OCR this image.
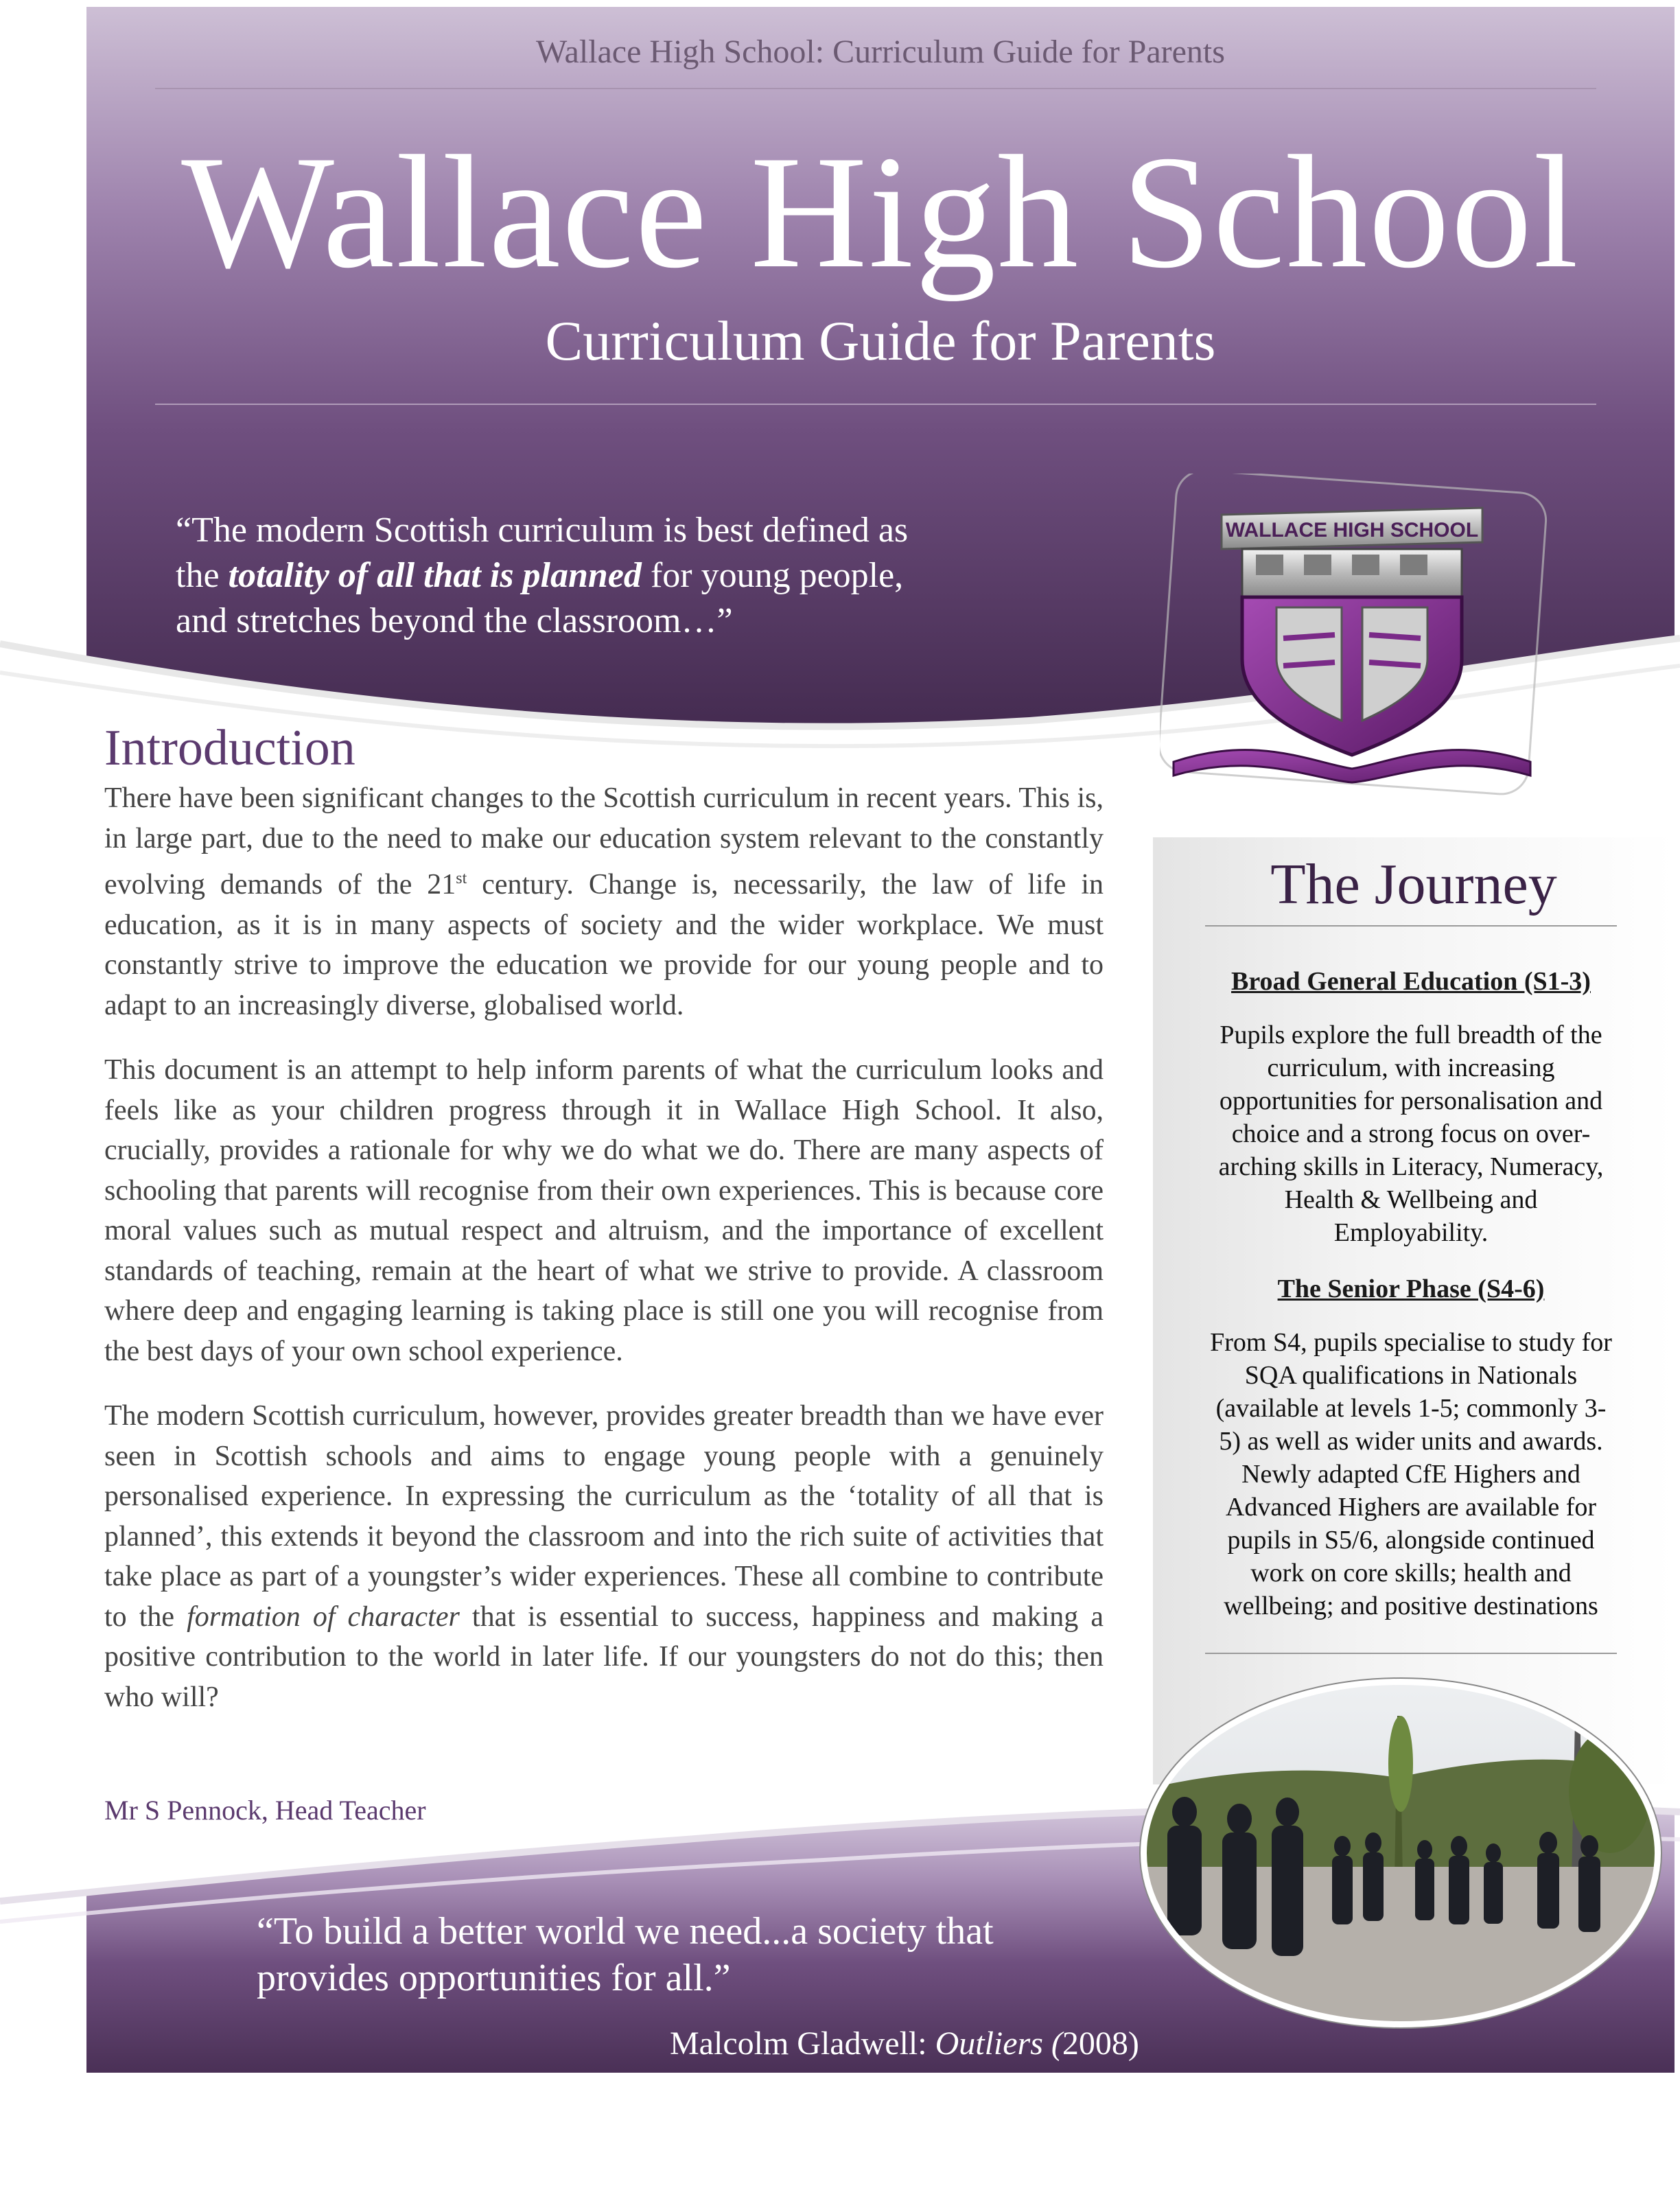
Wallace High School: Curriculum Guide for Parents
Wallace High School
Curriculum Guide for Parents
“The modern Scottish curriculum is best defined as
the totality of all that is planned for young people,
and stretches beyond the classroom…”
WALLACE HIGH SCHOOL
The Journey
Broad General Education (S1-3)
Pupils explore the full breadth of the curriculum, with increasing opportunities for personalisation and choice and a strong focus on over-arching skills in Literacy, Numeracy, Health & Wellbeing and Employability.
The Senior Phase (S4-6)
From S4, pupils specialise to study for SQA qualifications in Nationals (available at levels 1-5; commonly 3-5) as well as wider units and awards. Newly adapted CfE Highers and Advanced Highers are available for pupils in S5/6, alongside continued work on core skills; health and wellbeing; and positive destinations
Introduction

There have been significant changes to the Scottish curriculum in recent years. This is, in large part, due to the need to make our education system relevant to the constantly evolving demands of the 21st century. Change is, necessarily, the law of life in education, as it is in many aspects of society and the wider workplace. We must constantly strive to improve the education we provide for our young people and to adapt to an increasingly diverse, globalised world.

This document is an attempt to help inform parents of what the curriculum looks and feels like as your children progress through it in Wallace High School. It also, crucially, provides a rationale for why we do what we do. There are many aspects of schooling that parents will recognise from their own experiences. This is because core moral values such as mutual respect and altruism, and the importance of excellent standards of teaching, remain at the heart of what we strive to provide. A classroom where deep and engaging learning is taking place is still one you will recognise from the best days of your own school experience.

The modern Scottish curriculum, however, provides greater breadth than we have ever seen in Scottish schools and aims to engage young people with a genuinely personalised experience. In expressing the curriculum as the ‘totality of all that is planned’, this extends it beyond the classroom and into the rich suite of activities that take place as part of a youngster’s wider experiences. These all combine to contribute to the formation of character that is essential to success, happiness and making a positive contribution to the world in later life. If our youngsters do not do this; then who will?

Mr S Pennock, Head Teacher
“To build a better world we need...a society that
provides opportunities for all.”
Malcolm Gladwell: Outliers (2008)
